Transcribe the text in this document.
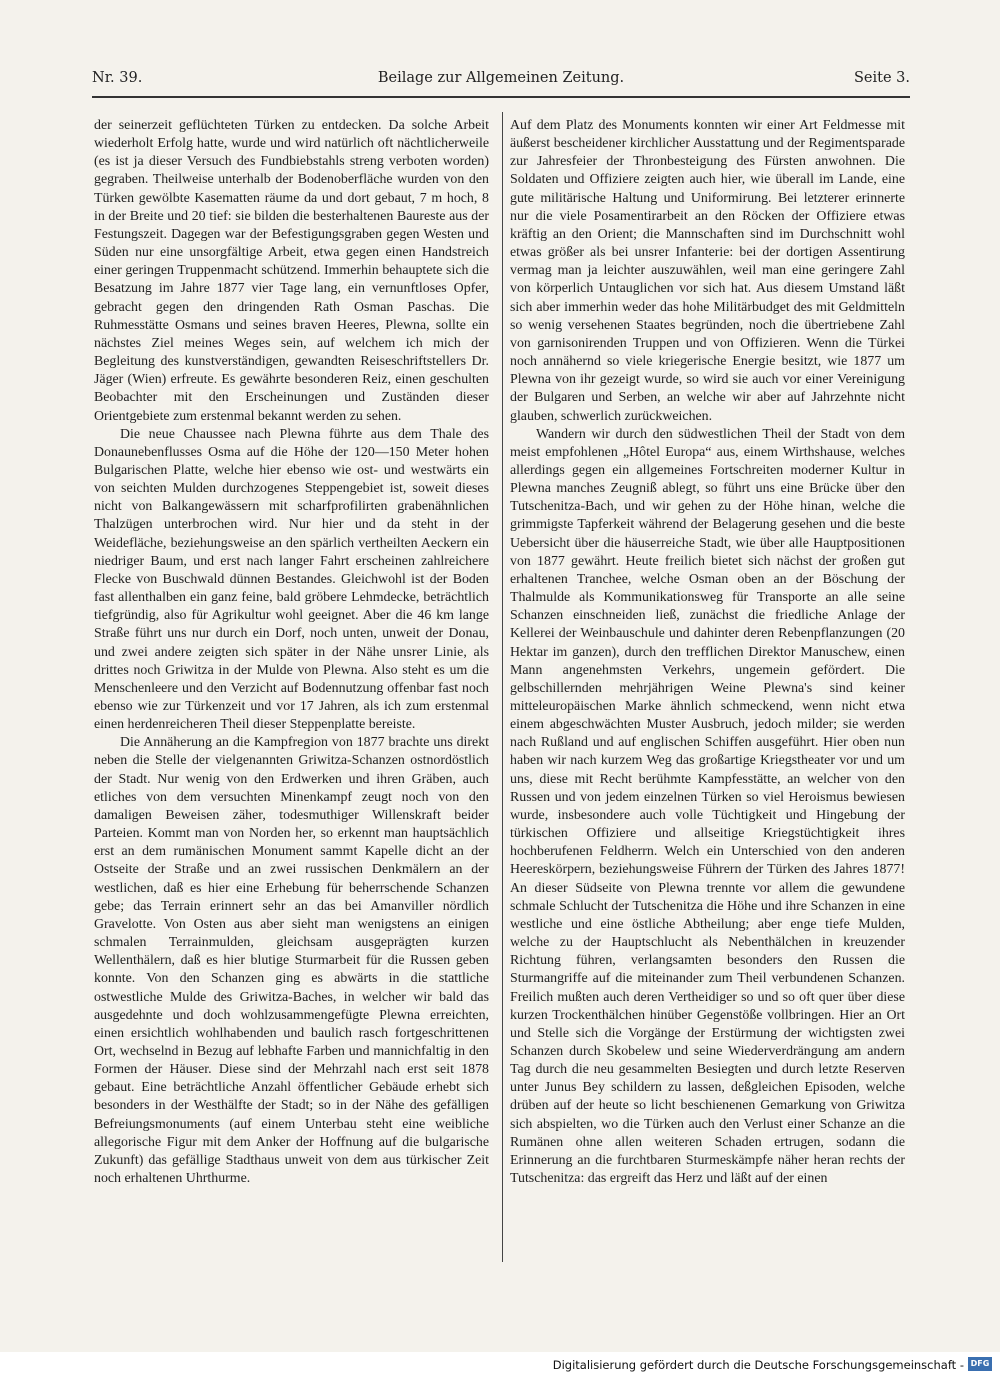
Nr. 39.	Beilage zur Allgemeinen Zeitung.	Seite 3.

der seinerzeit geflüchteten Türken zu entdecken. Da solche Arbeit wiederholt Erfolg hatte, wurde und wird natürlich oft nächtlicherweile (es ist ja dieser Versuch des Fundbiebstahls streng verboten worden) gegraben. Theilweise unterhalb der Bodenoberfläche wurden von den Türken gewölbte Kasematten räume da und dort gebaut, 7 m hoch, 8 in der Breite und 20 tief: sie bilden die besterhaltenen Baureste aus der Festungszeit. Dagegen war der Befestigungsgraben gegen Westen und Süden nur eine unsorgfältige Arbeit, etwa gegen einen Handstreich einer geringen Truppenmacht schützend. Immerhin behauptete sich die Besatzung im Jahre 1877 vier Tage lang, ein vernunftloses Opfer, gebracht gegen den dringenden Rath Osman Paschas. Die Ruhmesstätte Osmans und seines braven Heeres, Plewna, sollte ein nächstes Ziel meines Weges sein, auf welchem ich mich der Begleitung des kunstverständigen, gewandten Reiseschriftstellers Dr. Jäger (Wien) erfreute. Es gewährte besonderen Reiz, einen geschulten Beobachter mit den Erscheinungen und Zuständen dieser Orientgebiete zum erstenmal bekannt werden zu sehen.

Die neue Chaussee nach Plewna führte aus dem Thale des Donaunebenflusses Osma auf die Höhe der 120—150 Meter hohen Bulgarischen Platte, welche hier ebenso wie ost- und westwärts ein von seichten Mulden durchzogenes Steppengebiet ist, soweit dieses nicht von Balkangewässern mit scharfprofilirten grabenähnlichen Thalzügen unterbrochen wird. Nur hier und da steht in der Weidefläche, beziehungsweise an den spärlich vertheilten Aeckern ein niedriger Baum, und erst nach langer Fahrt erscheinen zahlreichere Flecke von Buschwald dünnen Bestandes. Gleichwohl ist der Boden fast allenthalben ein ganz feine, bald gröbere Lehmdecke, beträchtlich tiefgründig, also für Agrikultur wohl geeignet. Aber die 46 km lange Straße führt uns nur durch ein Dorf, noch unten, unweit der Donau, und zwei andere zeigten sich später in der Nähe unsrer Linie, als drittes noch Griwitza in der Mulde von Plewna. Also steht es um die Menschenleere und den Verzicht auf Bodennutzung offenbar fast noch ebenso wie zur Türkenzeit und vor 17 Jahren, als ich zum erstenmal einen herdenreicheren Theil dieser Steppenplatte bereiste.

Die Annäherung an die Kampfregion von 1877 brachte uns direkt neben die Stelle der vielgenannten Griwitza-Schanzen ostnordöstlich der Stadt. Nur wenig von den Erdwerken und ihren Gräben, auch etliches von dem versuchten Minenkampf zeugt noch von den damaligen Beweisen zäher, todesmuthiger Willenskraft beider Parteien. Kommt man von Norden her, so erkennt man hauptsächlich erst an dem rumänischen Monument sammt Kapelle dicht an der Ostseite der Straße und an zwei russischen Denkmälern an der westlichen, daß es hier eine Erhebung für beherrschende Schanzen gebe; das Terrain erinnert sehr an das bei Amanviller nördlich Gravelotte. Von Osten aus aber sieht man wenigstens an einigen schmalen Terrainmulden, gleichsam ausgeprägten kurzen Wellenthälern, daß es hier blutige Sturmarbeit für die Russen geben konnte. Von den Schanzen ging es abwärts in die stattliche ostwestliche Mulde des Griwitza-Baches, in welcher wir bald das ausgedehnte und doch wohlzusammengefügte Plewna erreichten, einen ersichtlich wohlhabenden und baulich rasch fortgeschrittenen Ort, wechselnd in Bezug auf lebhafte Farben und mannichfaltig in den Formen der Häuser. Diese sind der Mehrzahl nach erst seit 1878 gebaut. Eine beträchtliche Anzahl öffentlicher Gebäude erhebt sich besonders in der Westhälfte der Stadt; so in der Nähe des gefälligen Befreiungsmonuments (auf einem Unterbau steht eine weibliche allegorische Figur mit dem Anker der Hoffnung auf die bulgarische Zukunft) das gefällige Stadthaus unweit von dem aus türkischer Zeit noch erhaltenen Uhrthurme.

Auf dem Platz des Monuments konnten wir einer Art Feldmesse mit äußerst bescheidener kirchlicher Ausstattung und der Regimentsparade zur Jahresfeier der Thronbesteigung des Fürsten anwohnen. Die Soldaten und Offiziere zeigten auch hier, wie überall im Lande, eine gute militärische Haltung und Uniformirung. Bei letzterer erinnerte nur die viele Posamentirarbeit an den Röcken der Offiziere etwas kräftig an den Orient; die Mannschaften sind im Durchschnitt wohl etwas größer als bei unsrer Infanterie: bei der dortigen Assentirung vermag man ja leichter auszuwählen, weil man eine geringere Zahl von körperlich Untauglichen vor sich hat. Aus diesem Umstand läßt sich aber immerhin weder das hohe Militärbudget des mit Geldmitteln so wenig versehenen Staates begründen, noch die übertriebene Zahl von garnisonirenden Truppen und von Offizieren. Wenn die Türkei noch annähernd so viele kriegerische Energie besitzt, wie 1877 um Plewna von ihr gezeigt wurde, so wird sie auch vor einer Vereinigung der Bulgaren und Serben, an welche wir aber auf Jahrzehnte nicht glauben, schwerlich zurückweichen.

Wandern wir durch den südwestlichen Theil der Stadt von dem meist empfohlenen „Hôtel Europa“ aus, einem Wirthshause, welches allerdings gegen ein allgemeines Fortschreiten moderner Kultur in Plewna manches Zeugniß ablegt, so führt uns eine Brücke über den Tutschenitza-Bach, und wir gehen zu der Höhe hinan, welche die grimmigste Tapferkeit während der Belagerung gesehen und die beste Uebersicht über die häuserreiche Stadt, wie über alle Hauptpositionen von 1877 gewährt. Heute freilich bietet sich nächst der großen gut erhaltenen Tranchee, welche Osman oben an der Böschung der Thalmulde als Kommunikationsweg für Transporte an alle seine Schanzen einschneiden ließ, zunächst die friedliche Anlage der Kellerei der Weinbauschule und dahinter deren Rebenpflanzungen (20 Hektar im ganzen), durch den trefflichen Direktor Manuschew, einen Mann angenehmsten Verkehrs, ungemein gefördert. Die gelbschillernden mehrjährigen Weine Plewna's sind keiner mitteleuropäischen Marke ähnlich schmeckend, wenn nicht etwa einem abgeschwächten Muster Ausbruch, jedoch milder; sie werden nach Rußland und auf englischen Schiffen ausgeführt. Hier oben nun haben wir nach kurzem Weg das großartige Kriegstheater vor und um uns, diese mit Recht berühmte Kampfesstätte, an welcher von den Russen und von jedem einzelnen Türken so viel Heroismus bewiesen wurde, insbesondere auch volle Tüchtigkeit und Hingebung der türkischen Offiziere und allseitige Kriegstüchtigkeit ihres hochberufenen Feldherrn. Welch ein Unterschied von den anderen Heereskörpern, beziehungsweise Führern der Türken des Jahres 1877! An dieser Südseite von Plewna trennte vor allem die gewundene schmale Schlucht der Tutschenitza die Höhe und ihre Schanzen in eine westliche und eine östliche Abtheilung; aber enge tiefe Mulden, welche zu der Hauptschlucht als Nebenthälchen in kreuzender Richtung führen, verlangsamten besonders den Russen die Sturmangriffe auf die miteinander zum Theil verbundenen Schanzen. Freilich mußten auch deren Vertheidiger so und so oft quer über diese kurzen Trockenthälchen hinüber Gegenstöße vollbringen. Hier an Ort und Stelle sich die Vorgänge der Erstürmung der wichtigsten zwei Schanzen durch Skobelew und seine Wiederverdrängung am andern Tag durch die neu gesammelten Besiegten und durch letzte Reserven unter Junus Bey schildern zu lassen, deßgleichen Episoden, welche drüben auf der heute so licht beschienenen Gemarkung von Griwitza sich abspielten, wo die Türken auch den Verlust einer Schanze an die Rumänen ohne allen weiteren Schaden ertrugen, sodann die Erinnerung an die furchtbaren Sturmeskämpfe näher heran rechts der Tutschenitza: das ergreift das Herz und läßt auf der einen

Digitalisierung gefördert durch die Deutsche Forschungsgemeinschaft - DFG
